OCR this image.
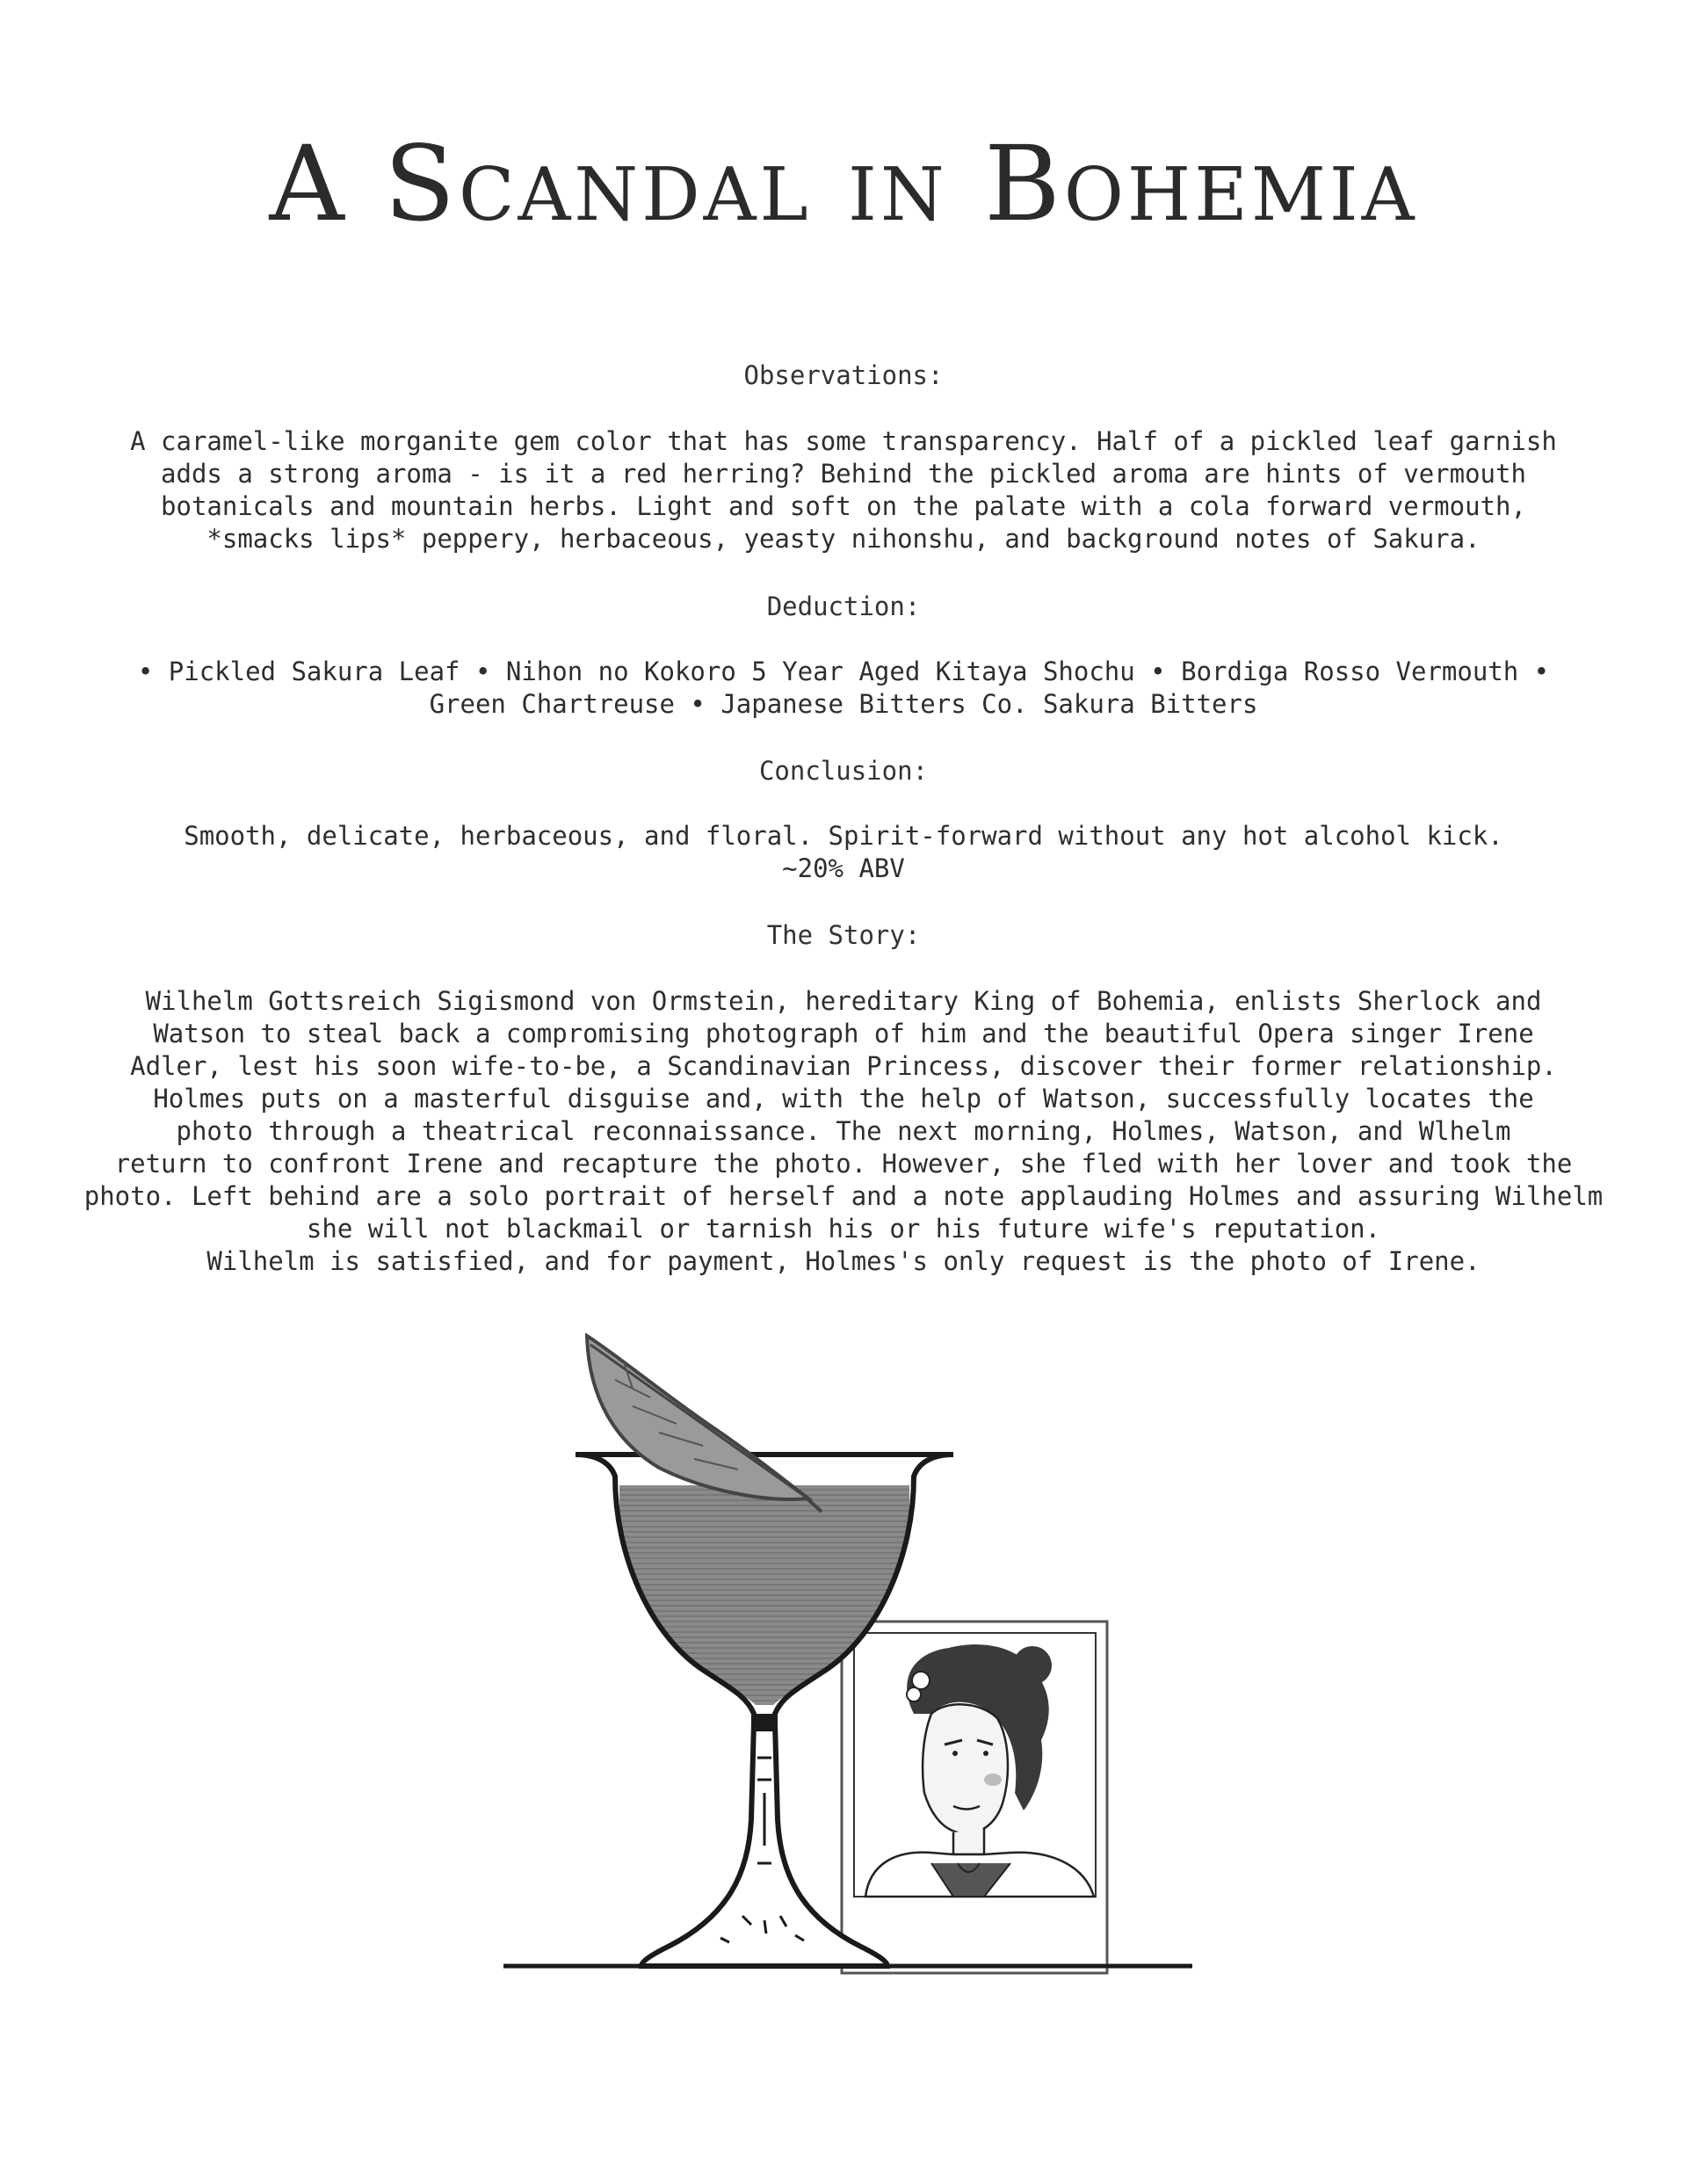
A Scandal in Bohemia
Observations:
A caramel-like morganite gem color that has some transparency. Half of a pickled leaf garnish
adds a strong aroma - is it a red herring? Behind the pickled aroma are hints of vermouth
botanicals and mountain herbs. Light and soft on the palate with a cola forward vermouth,
*smacks lips* peppery, herbaceous, yeasty nihonshu, and background notes of Sakura.
Deduction:
• Pickled Sakura Leaf • Nihon no Kokoro 5 Year Aged Kitaya Shochu • Bordiga Rosso Vermouth •
Green Chartreuse • Japanese Bitters Co. Sakura Bitters
Conclusion:
Smooth, delicate, herbaceous, and floral. Spirit-forward without any hot alcohol kick.
~20% ABV
The Story:
Wilhelm Gottsreich Sigismond von Ormstein, hereditary King of Bohemia, enlists Sherlock and
Watson to steal back a compromising photograph of him and the beautiful Opera singer Irene
Adler, lest his soon wife-to-be, a Scandinavian Princess, discover their former relationship.
Holmes puts on a masterful disguise and, with the help of Watson, successfully locates the
photo through a theatrical reconnaissance. The next morning, Holmes, Watson, and Wlhelm
return to confront Irene and recapture the photo. However, she fled with her lover and took the
photo. Left behind are a solo portrait of herself and a note applauding Holmes and assuring Wilhelm
she will not blackmail or tarnish his or his future wife's reputation.
Wilhelm is satisfied, and for payment, Holmes's only request is the photo of Irene.
